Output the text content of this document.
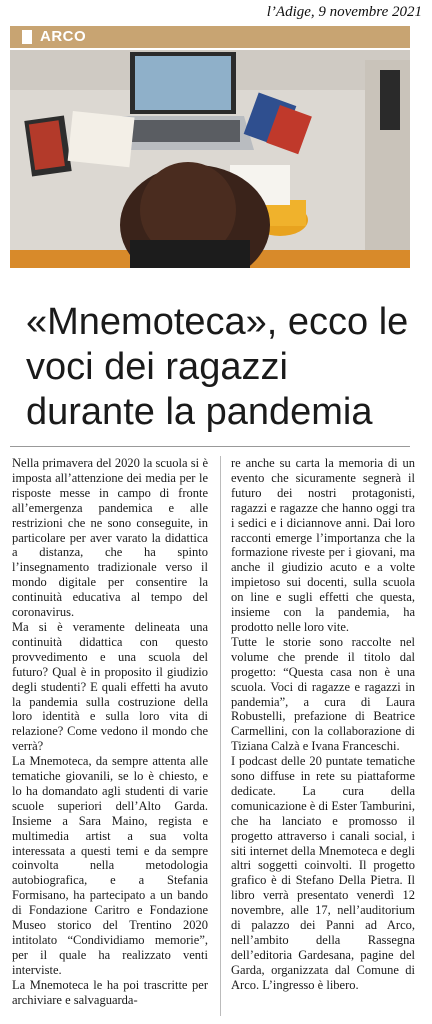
l’Adige, 9 novembre 2021
ARCO
«Mnemoteca», ecco le voci dei ragazzi durante la pandemia

Nella primavera del 2020 la scuola si è imposta all’attenzione dei media per le risposte messe in campo di fronte all’emergenza pandemica e alle restrizioni che ne sono conseguite, in particolare per aver varato la didattica a distanza, che ha spinto l’insegnamento tradizionale verso il mondo digitale per consentire la continuità educativa al tempo del coronavirus.

Ma si è veramente delineata una continuità didattica con questo provvedimento e una scuola del futuro? Qual è in proposito il giudizio degli studenti? E quali effetti ha avuto la pandemia sulla costruzione della loro identità e sulla loro vita di relazione? Come vedono il mondo che verrà?

La Mnemoteca, da sempre attenta alle tematiche giovanili, se lo è chiesto, e lo ha domandato agli studenti di varie scuole superiori dell’Alto Garda. Insieme a Sara Maino, regista e multimedia artist a sua volta interessata a questi temi e da sempre coinvolta nella metodologia autobiografica, e a Stefania Formisano, ha partecipato a un bando di Fondazione Caritro e Fondazione Museo storico del Trentino 2020 intitolato “Condividiamo memorie”, per il quale ha realizzato venti interviste.

La Mnemoteca le ha poi trascritte per archiviare e salvaguarda-

re anche su carta la memoria di un evento che sicuramente segnerà il futuro dei nostri protagonisti, ragazzi e ragazze che hanno oggi tra i sedici e i diciannove anni. Dai loro racconti emerge l’importanza che la formazione riveste per i giovani, ma anche il giudizio acuto e a volte impietoso sui docenti, sulla scuola on line e sugli effetti che questa, insieme con la pandemia, ha prodotto nelle loro vite.

Tutte le storie sono raccolte nel volume che prende il titolo dal progetto: “Questa casa non è una scuola. Voci di ragazze e ragazzi in pandemia”, a cura di Laura Robustelli, prefazione di Beatrice Carmellini, con la collaborazione di Tiziana Calzà e Ivana Franceschi.

I podcast delle 20 puntate tematiche sono diffuse in rete su piattaforme dedicate. La cura della comunicazione è di Ester Tamburini, che ha lanciato e promosso il progetto attraverso i canali social, i siti internet della Mnemoteca e degli altri soggetti coinvolti. Il progetto grafico è di Stefano Della Pietra. Il libro verrà presentato venerdì 12 novembre, alle 17, nell’auditorium di palazzo dei Panni ad Arco, nell’ambito della Rassegna dell’editoria Gardesana, pagine del Garda, organizzata dal Comune di Arco. L’ingresso è libero.
